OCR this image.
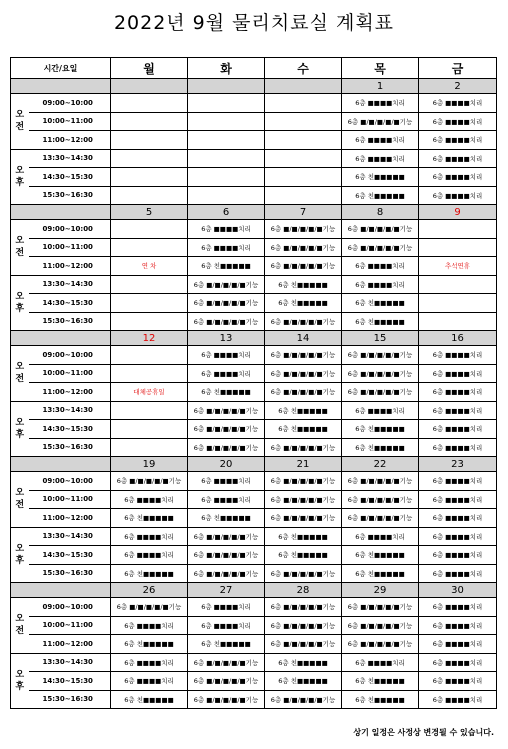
2022년 9월 물리치료실 계획표
시간/요일		월	화	수	목	금
					1	2
오
전	09:00~10:00				6층 ■■■■치리	6층 ■■■■치리
	10:00~11:00				6층 ■/■/■/■/■기능	6층 ■■■■치리
	11:00~12:00				6층 ■■■■치리	6층 ■■■■치리
오
후	13:30~14:30				6층 ■■■■치리	6층 ■■■■치리
	14:30~15:30				6층 친■■■■■	6층 ■■■■치리
	15:30~16:30				6층 친■■■■■	6층 ■■■■치리
		5	6	7	8	9
오
전	09:00~10:00		6층 ■■■■치리	6층 ■/■/■/■/■기능	6층 ■/■/■/■/■기능	
	10:00~11:00		6층 ■■■■치리	6층 ■/■/■/■/■기능	6층 ■/■/■/■/■기능	
	11:00~12:00	연 차	6층 친■■■■■	6층 ■/■/■/■/■기능	6층 ■■■■치리	추석연휴
오
후	13:30~14:30		6층 ■/■/■/■/■기능	6층 친■■■■■	6층 ■■■■치리	
	14:30~15:30		6층 ■/■/■/■/■기능	6층 친■■■■■	6층 친■■■■■	
	15:30~16:30		6층 ■/■/■/■/■기능	6층 ■/■/■/■/■기능	6층 친■■■■■	
		12	13	14	15	16
오
전	09:00~10:00		6층 ■■■■치리	6층 ■/■/■/■/■기능	6층 ■/■/■/■/■기능	6층 ■■■■치리
	10:00~11:00		6층 ■■■■치리	6층 ■/■/■/■/■기능	6층 ■/■/■/■/■기능	6층 ■■■■치리
	11:00~12:00	대체공휴일	6층 친■■■■■	6층 ■/■/■/■/■기능	6층 ■/■/■/■/■기능	6층 ■■■■치리
오
후	13:30~14:30		6층 ■/■/■/■/■기능	6층 친■■■■■	6층 ■■■■치리	6층 ■■■■치리
	14:30~15:30		6층 ■/■/■/■/■기능	6층 친■■■■■	6층 친■■■■■	6층 ■■■■치리
	15:30~16:30		6층 ■/■/■/■/■기능	6층 ■/■/■/■/■기능	6층 친■■■■■	6층 ■■■■치리
		19	20	21	22	23
오
전	09:00~10:00	6층 ■/■/■/■/■기능	6층 ■■■■치리	6층 ■/■/■/■/■기능	6층 ■/■/■/■/■기능	6층 ■■■■치리
	10:00~11:00	6층 ■■■■치리	6층 ■■■■치리	6층 ■/■/■/■/■기능	6층 ■/■/■/■/■기능	6층 ■■■■치리
	11:00~12:00	6층 친■■■■■	6층 친■■■■■	6층 ■/■/■/■/■기능	6층 ■/■/■/■/■기능	6층 ■■■■치리
오
후	13:30~14:30	6층 ■■■■치리	6층 ■/■/■/■/■기능	6층 친■■■■■	6층 ■■■■치리	6층 ■■■■치리
	14:30~15:30	6층 ■■■■치리	6층 ■/■/■/■/■기능	6층 친■■■■■	6층 친■■■■■	6층 ■■■■치리
	15:30~16:30	6층 친■■■■■	6층 ■/■/■/■/■기능	6층 ■/■/■/■/■기능	6층 친■■■■■	6층 ■■■■치리
		26	27	28	29	30
오
전	09:00~10:00	6층 ■/■/■/■/■기능	6층 ■■■■치리	6층 ■/■/■/■/■기능	6층 ■/■/■/■/■기능	6층 ■■■■치리
	10:00~11:00	6층 ■■■■치리	6층 ■■■■치리	6층 ■/■/■/■/■기능	6층 ■/■/■/■/■기능	6층 ■■■■치리
	11:00~12:00	6층 친■■■■■	6층 친■■■■■	6층 ■/■/■/■/■기능	6층 ■/■/■/■/■기능	6층 ■■■■치리
오
후	13:30~14:30	6층 ■■■■치리	6층 ■/■/■/■/■기능	6층 친■■■■■	6층 ■■■■치리	6층 ■■■■치리
	14:30~15:30	6층 ■■■■치리	6층 ■/■/■/■/■기능	6층 친■■■■■	6층 친■■■■■	6층 ■■■■치리
	15:30~16:30	6층 친■■■■■	6층 ■/■/■/■/■기능	6층 ■/■/■/■/■기능	6층 친■■■■■	6층 ■■■■치리
상기 일정은 사정상 변경될 수 있습니다.
